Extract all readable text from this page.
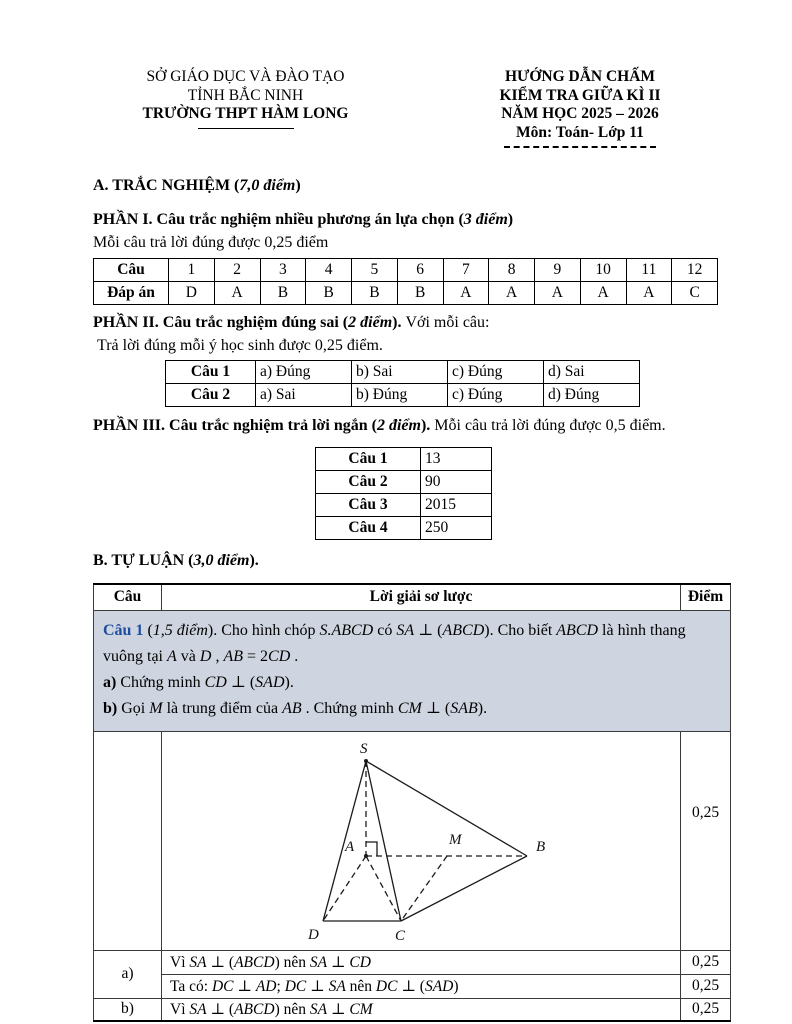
SỞ GIÁO DỤC VÀ ĐÀO TẠO
TỈNH BẮC NINH
TRƯỜNG THPT HÀM LONG
HƯỚNG DẪN CHẤM
KIỂM TRA GIỮA KÌ II
NĂM HỌC 2025 – 2026
Môn: Toán- Lớp 11
A. TRẮC NGHIỆM (7,0 điểm)
PHẦN I. Câu trắc nghiệm nhiều phương án lựa chọn (3 điểm)
Mỗi câu trả lời đúng được 0,25 điểm
Câu	1	2	3	4	5	6	7	8	9	10	11	12
Đáp án	D	A	B	B	B	B	A	A	A	A	A	C
PHẦN II. Câu trắc nghiệm đúng sai (2 điểm). Với mỗi câu:
Trả lời đúng mỗi ý học sinh được 0,25 điểm.
Câu 1	a) Đúng	b) Sai	c) Đúng	d) Sai
Câu 2	a) Sai	b) Đúng	c) Đúng	d) Đúng
PHẦN III. Câu trắc nghiệm trả lời ngắn (2 điểm). Mỗi câu trả lời đúng được 0,5 điểm.
Câu 1	13
Câu 2	90
Câu 3	2015
Câu 4	250
B. TỰ LUẬN (3,0 điểm).
Câu	Lời giải sơ lược	Điểm

Câu 1 (1,5 điểm). Cho hình chóp S.ABCD có SA ⊥ (ABCD). Cho biết ABCD là hình thang
vuông tại A và D , AB = 2CD .
a) Chứng minh CD ⊥ (SAD).
b) Gọi M là trung điểm của AB . Chứng minh CM ⊥ (SAB).		

S
A	B
M
D	C
	0,25
a)	Vì SA ⊥ (ABCD) nên SA ⊥ CD	0,25
	Ta có: DC ⊥ AD; DC ⊥ SA nên DC ⊥ (SAD)	0,25
b)	Vì SA ⊥ (ABCD) nên SA ⊥ CM	0,25
